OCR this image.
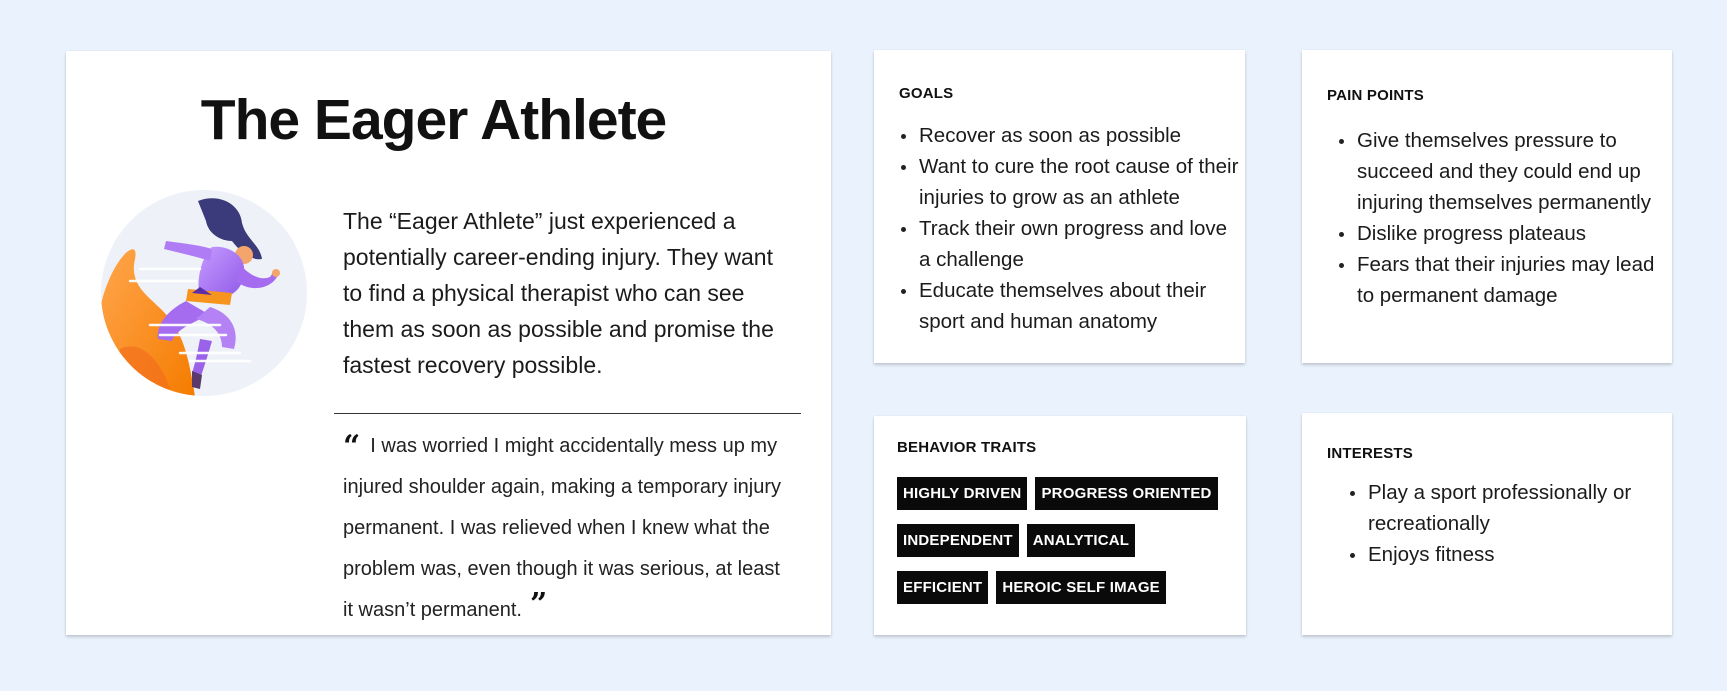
The Eager Athlete

The “Eager Athlete” just experienced a potentially career-ending injury. They want to find a physical therapist who can see them as soon as possible and promise the fastest recovery possible.

“ I was worried I might accidentally mess up my injured shoulder again, making a temporary injury permanent. I was relieved when I knew what the problem was, even though it was serious, at least it wasn’t permanent. ”

GOALS
Recover as soon as possible
Want to cure the root cause of their injuries to grow as an athlete
Track their own progress and love a challenge
Educate themselves about their sport and human anatomy
PAIN POINTS
Give themselves pressure to succeed and they could end up injuring themselves permanently
Dislike progress plateaus
Fears that their injuries may lead to permanent damage
BEHAVIOR TRAITS
HIGHLY DRIVEN	PROGRESS ORIENTED
INDEPENDENT	ANALYTICAL
EFFICIENT	HEROIC SELF IMAGE
INTERESTS
Play a sport professionally or recreationally
Enjoys fitness
